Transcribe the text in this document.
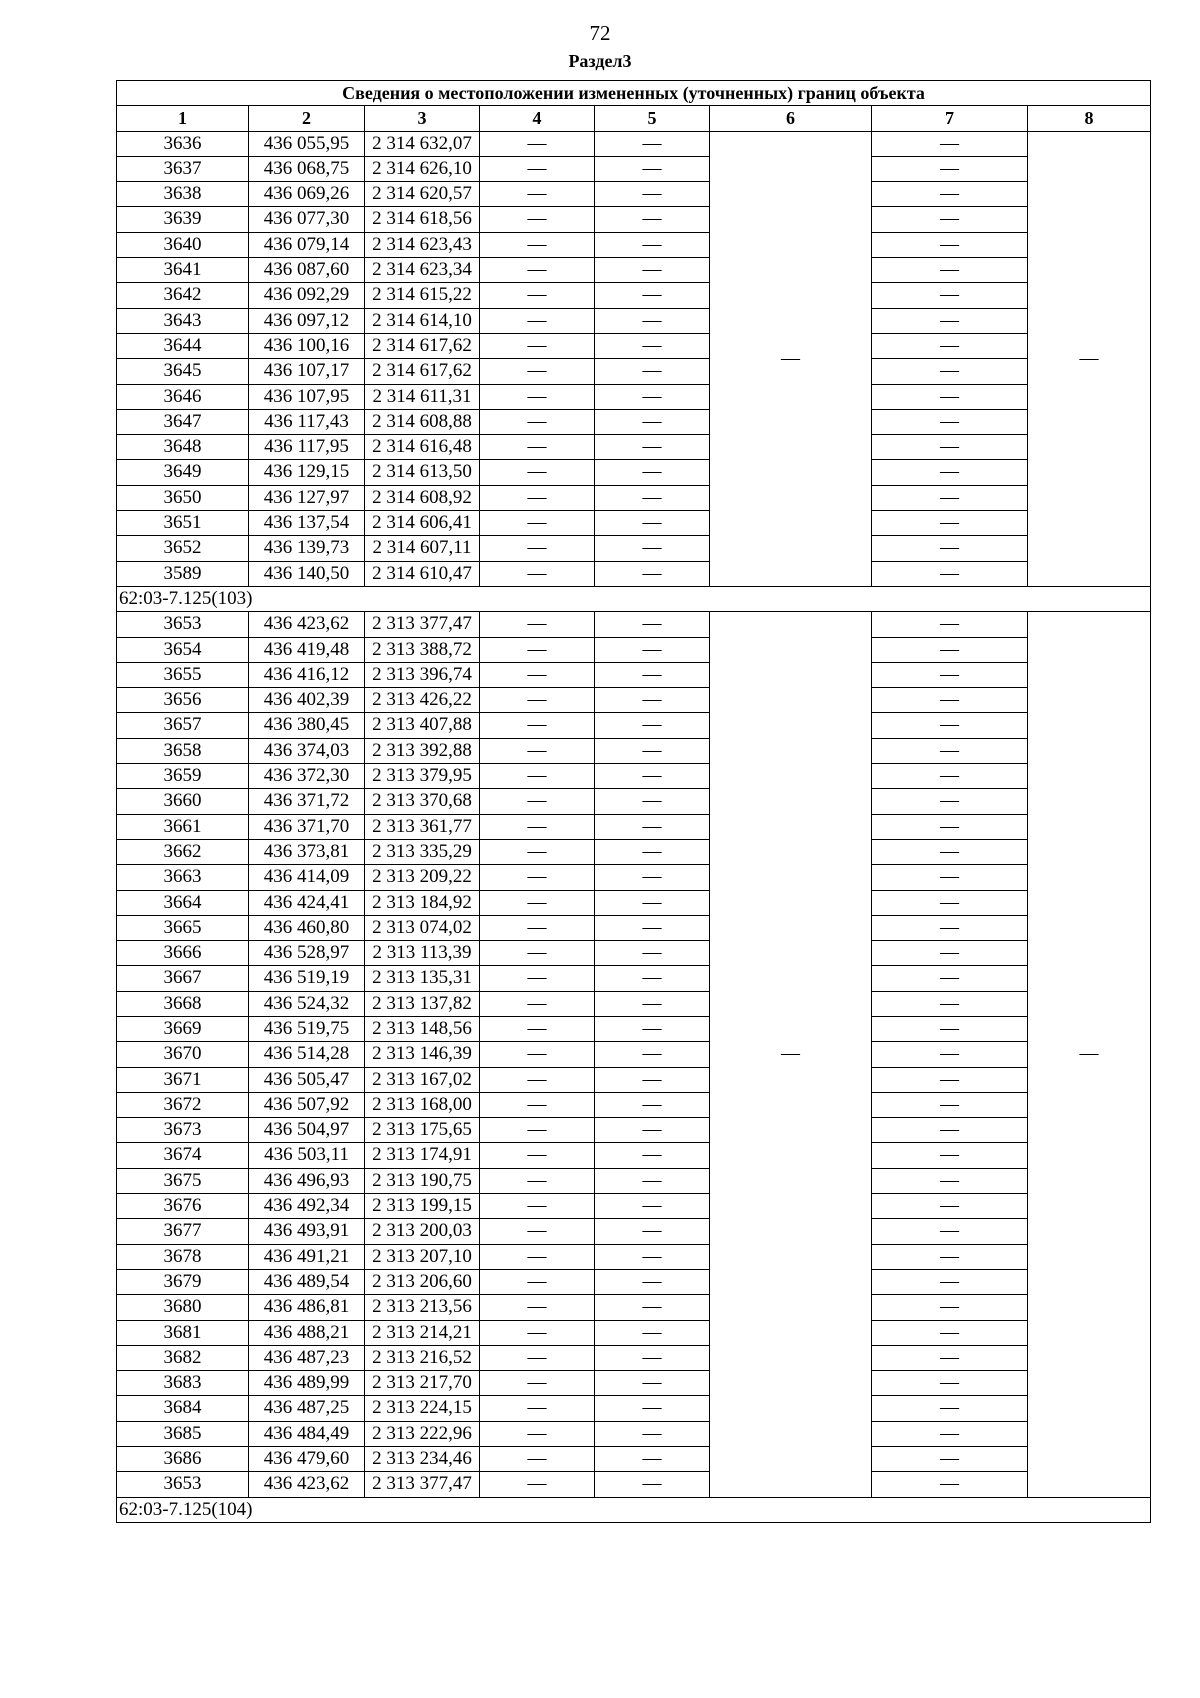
72
Раздел3
Сведения о местоположении измененных (уточненных) границ объекта							
1	2	3	4	5	6	7	8
3636	436 055,95	2 314 632,07	—	—	—	—	—
3637	436 068,75	2 314 626,10	—	—		—	
3638	436 069,26	2 314 620,57	—	—		—	
3639	436 077,30	2 314 618,56	—	—		—	
3640	436 079,14	2 314 623,43	—	—		—	
3641	436 087,60	2 314 623,34	—	—		—	
3642	436 092,29	2 314 615,22	—	—		—	
3643	436 097,12	2 314 614,10	—	—		—	
3644	436 100,16	2 314 617,62	—	—		—	
3645	436 107,17	2 314 617,62	—	—		—	
3646	436 107,95	2 314 611,31	—	—		—	
3647	436 117,43	2 314 608,88	—	—		—	
3648	436 117,95	2 314 616,48	—	—		—	
3649	436 129,15	2 314 613,50	—	—		—	
3650	436 127,97	2 314 608,92	—	—		—	
3651	436 137,54	2 314 606,41	—	—		—	
3652	436 139,73	2 314 607,11	—	—		—	
3589	436 140,50	2 314 610,47	—	—		—	
62:03-7.125(103)							
3653	436 423,62	2 313 377,47	—	—	—	—	—
3654	436 419,48	2 313 388,72	—	—		—	
3655	436 416,12	2 313 396,74	—	—		—	
3656	436 402,39	2 313 426,22	—	—		—	
3657	436 380,45	2 313 407,88	—	—		—	
3658	436 374,03	2 313 392,88	—	—		—	
3659	436 372,30	2 313 379,95	—	—		—	
3660	436 371,72	2 313 370,68	—	—		—	
3661	436 371,70	2 313 361,77	—	—		—	
3662	436 373,81	2 313 335,29	—	—		—	
3663	436 414,09	2 313 209,22	—	—		—	
3664	436 424,41	2 313 184,92	—	—		—	
3665	436 460,80	2 313 074,02	—	—		—	
3666	436 528,97	2 313 113,39	—	—		—	
3667	436 519,19	2 313 135,31	—	—		—	
3668	436 524,32	2 313 137,82	—	—		—	
3669	436 519,75	2 313 148,56	—	—		—	
3670	436 514,28	2 313 146,39	—	—		—	
3671	436 505,47	2 313 167,02	—	—		—	
3672	436 507,92	2 313 168,00	—	—		—	
3673	436 504,97	2 313 175,65	—	—		—	
3674	436 503,11	2 313 174,91	—	—		—	
3675	436 496,93	2 313 190,75	—	—		—	
3676	436 492,34	2 313 199,15	—	—		—	
3677	436 493,91	2 313 200,03	—	—		—	
3678	436 491,21	2 313 207,10	—	—		—	
3679	436 489,54	2 313 206,60	—	—		—	
3680	436 486,81	2 313 213,56	—	—		—	
3681	436 488,21	2 313 214,21	—	—		—	
3682	436 487,23	2 313 216,52	—	—		—	
3683	436 489,99	2 313 217,70	—	—		—	
3684	436 487,25	2 313 224,15	—	—		—	
3685	436 484,49	2 313 222,96	—	—		—	
3686	436 479,60	2 313 234,46	—	—		—	
3653	436 423,62	2 313 377,47	—	—		—	
62:03-7.125(104)							
